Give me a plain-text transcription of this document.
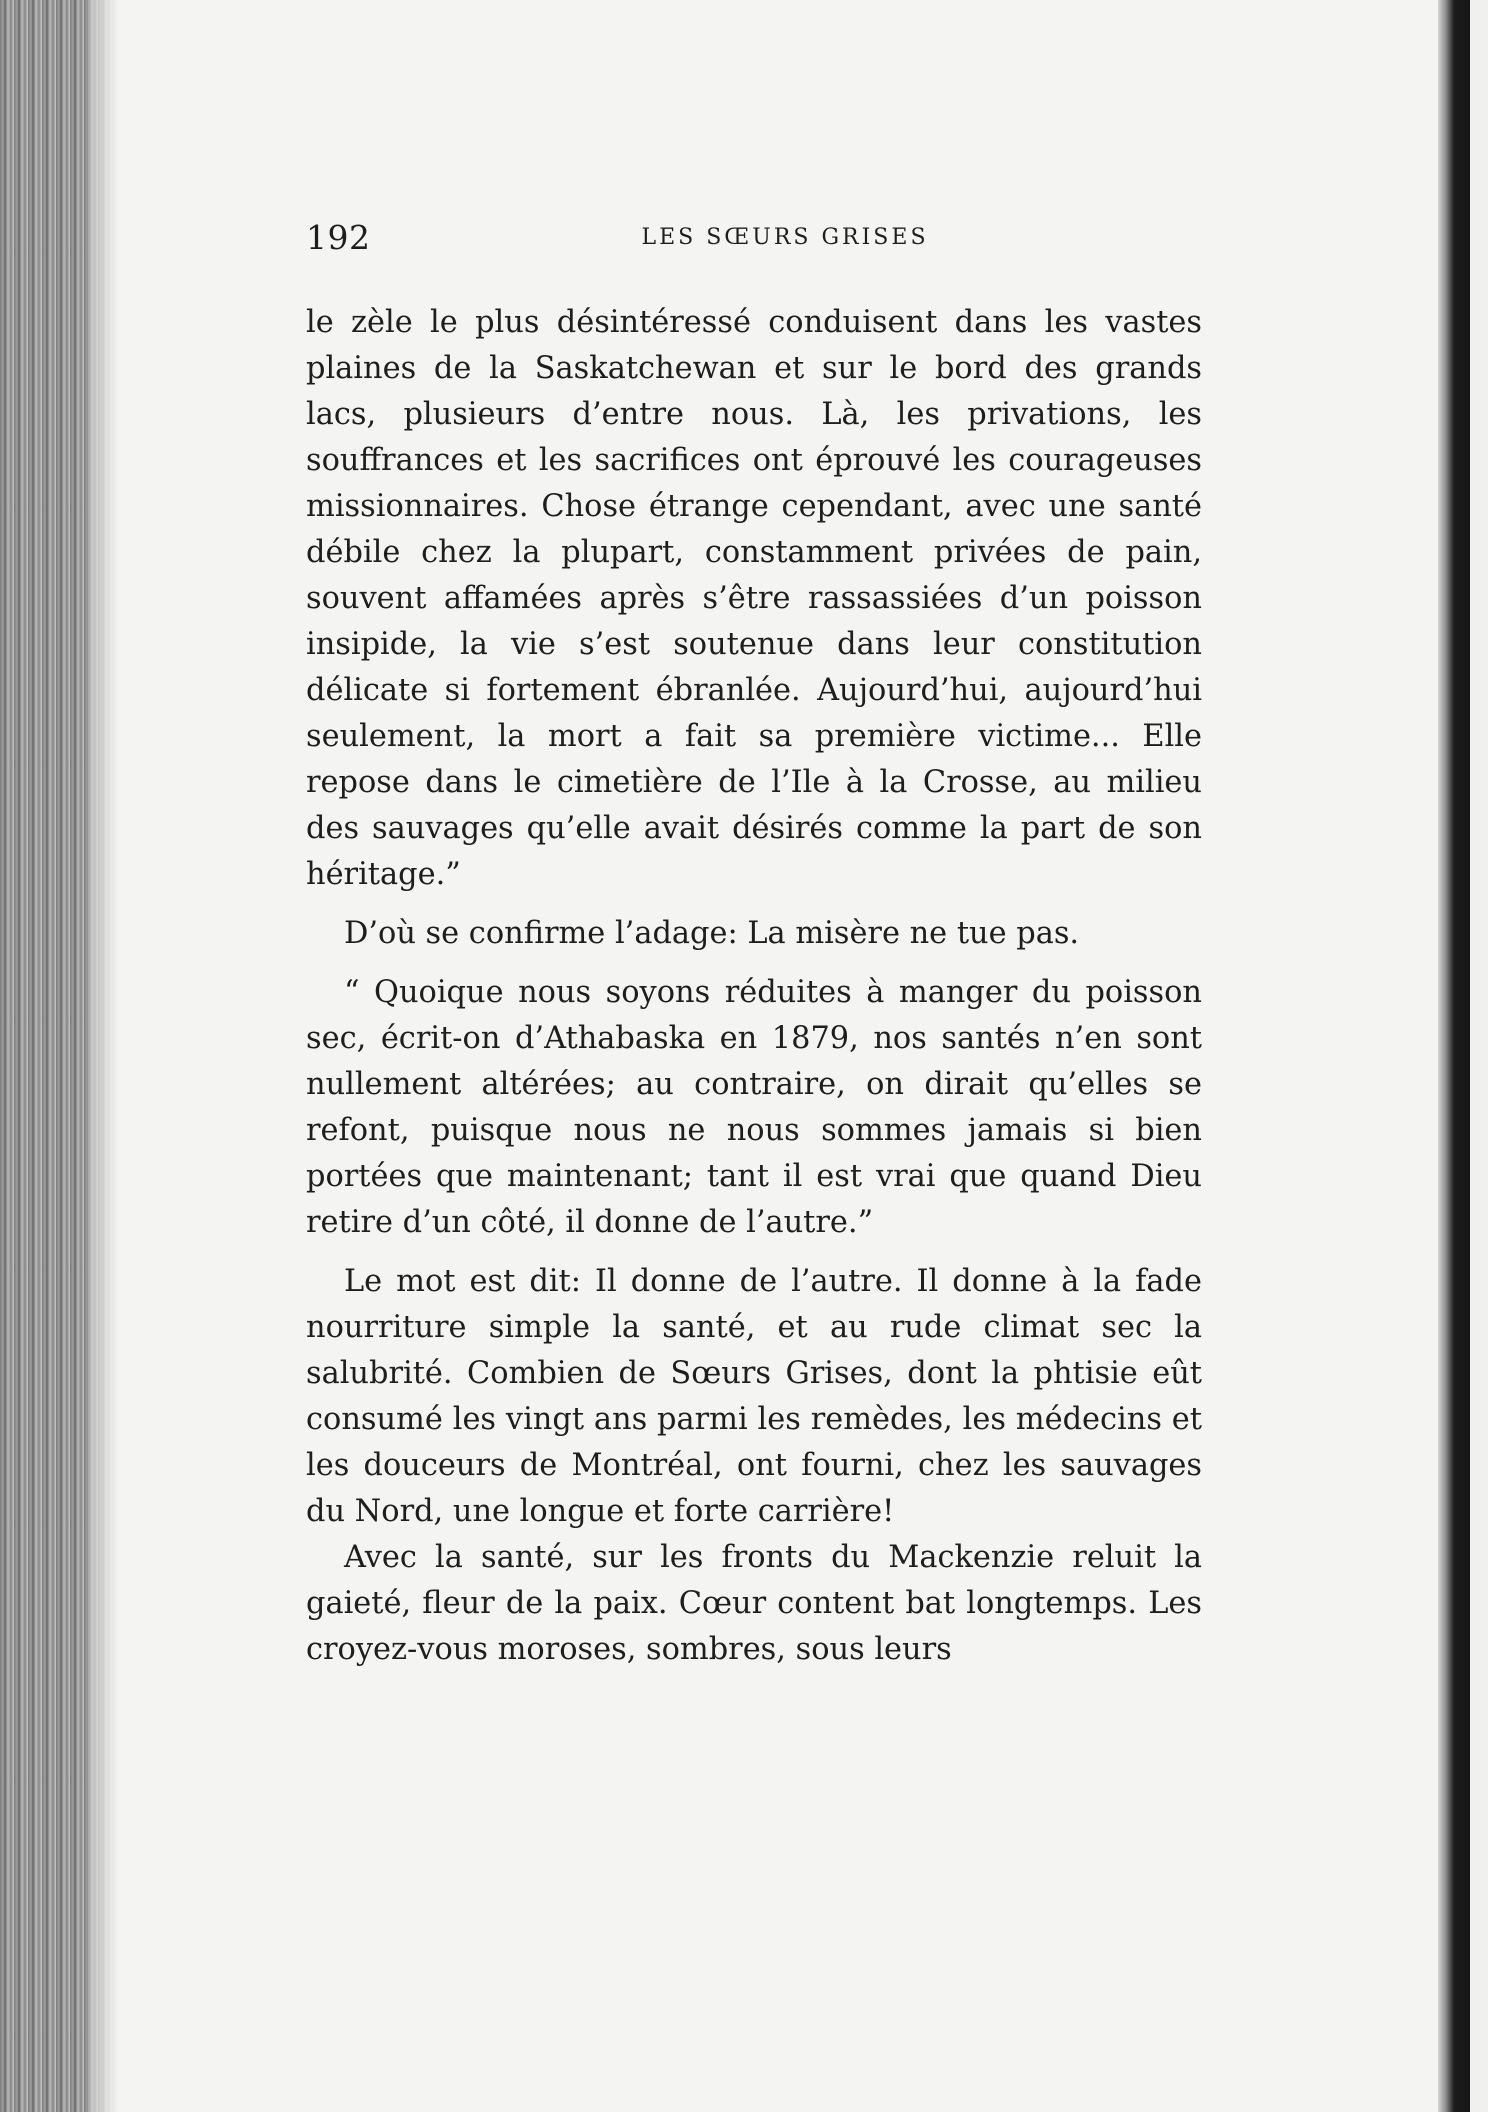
192	LES SŒURS GRISES

le zèle le plus désintéressé conduisent dans les vastes plaines de la Saskatchewan et sur le bord des grands lacs, plusieurs d’entre nous. Là, les privations, les souffrances et les sacrifices ont éprouvé les courageuses missionnaires. Chose étrange cependant, avec une santé débile chez la plupart, constamment privées de pain, souvent affamées après s’être rassassiées d’un poisson insipide, la vie s’est soutenue dans leur constitution délicate si fortement ébranlée. Aujourd’hui, aujourd’hui seulement, la mort a fait sa première victime... Elle repose dans le cimetière de l’Ile à la Crosse, au milieu des sauvages qu’elle avait désirés comme la part de son héritage.”

D’où se confirme l’adage: La misère ne tue pas.

“ Quoique nous soyons réduites à manger du poisson sec, écrit-on d’Athabaska en 1879, nos santés n’en sont nullement altérées; au contraire, on dirait qu’elles se refont, puisque nous ne nous sommes jamais si bien portées que maintenant; tant il est vrai que quand Dieu retire d’un côté, il donne de l’autre.”

Le mot est dit: Il donne de l’autre. Il donne à la fade nourriture simple la santé, et au rude climat sec la salubrité. Combien de Sœurs Grises, dont la phtisie eût consumé les vingt ans parmi les remèdes, les médecins et les douceurs de Montréal, ont fourni, chez les sauvages du Nord, une longue et forte carrière!

Avec la santé, sur les fronts du Mackenzie reluit la gaieté, fleur de la paix. Cœur content bat longtemps. Les croyez-vous moroses, sombres, sous leurs
